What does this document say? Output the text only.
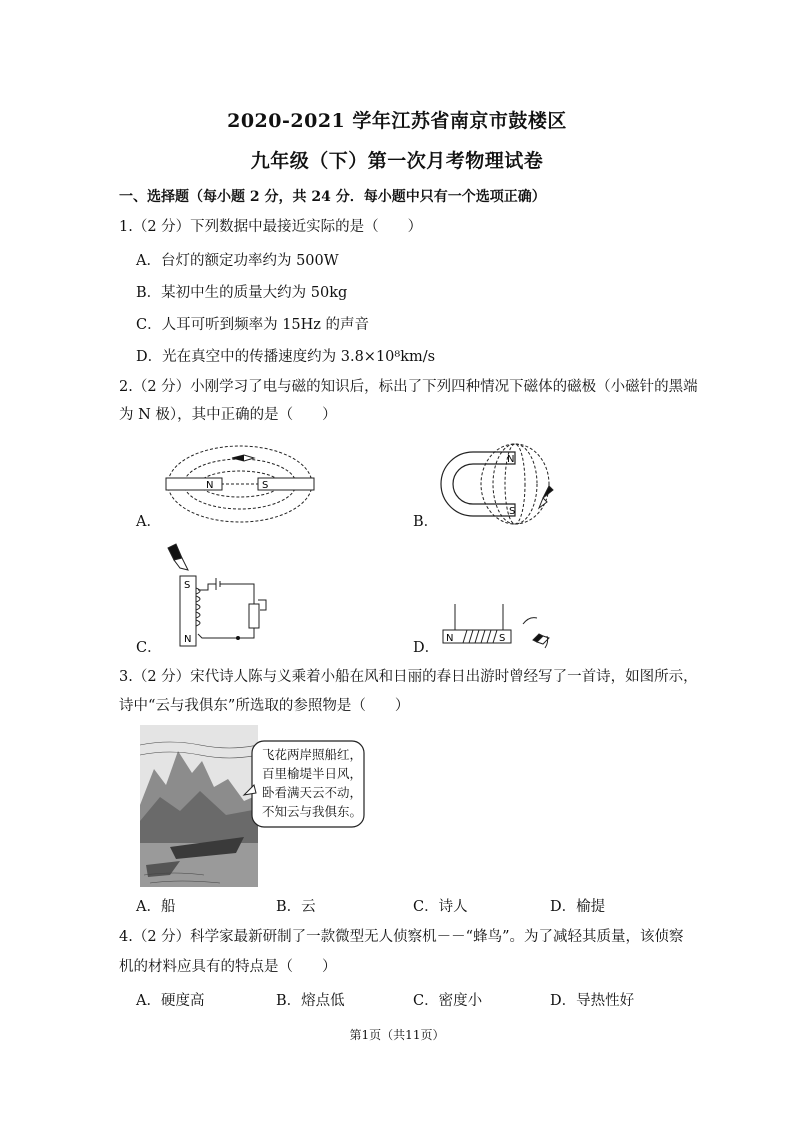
2020-2021 学年江苏省南京市鼓楼区
九年级（下）第一次月考物理试卷
一、选择题（每小题 2 分，共 24 分．每小题中只有一个选项正确）
1.（2 分）下列数据中最接近实际的是（　　）
A．台灯的额定功率约为 500W
B．某初中生的质量大约为 50kg
C．人耳可听到频率为 15Hz 的声音
D．光在真空中的传播速度约为 3.8×10⁸km/s
2.（2 分）小刚学习了电与磁的知识后，标出了下列四种情况下磁体的磁极（小磁针的黑端
为 N 极），其中正确的是（　　）
A．
N	S
B．
N
S
C．
S
N
D．
N	S
3.（2 分）宋代诗人陈与义乘着小船在风和日丽的春日出游时曾经写了一首诗，如图所示，
诗中“云与我俱东”所选取的参照物是（　　）
飞花两岸照船红，
百里榆堤半日风，
卧看满天云不动，
不知云与我俱东。
A．船	B．云	C．诗人	D．榆提
4.（2 分）科学家最新研制了一款微型无人侦察机－－“蜂鸟”。为了减轻其质量，该侦察
机的材料应具有的特点是（　　）
A．硬度高	B．熔点低	C．密度小	D．导热性好
第1页（共11页）
